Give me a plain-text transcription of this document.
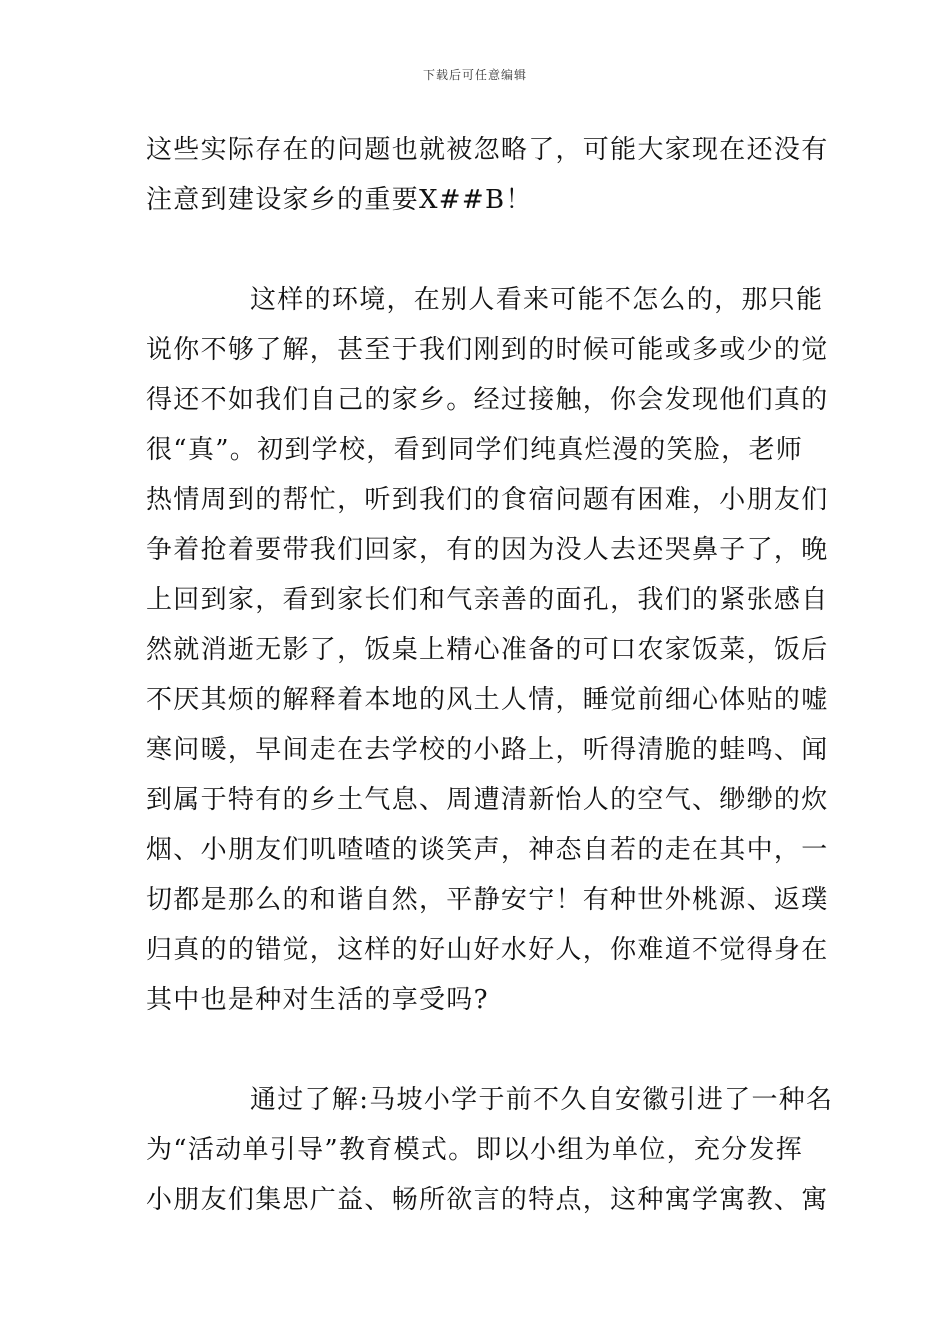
下载后可任意编辑
这些实际存在的问题也就被忽略了，可能大家现在还没有
注意到建设家乡的重要X##B！
这样的环境，在别人看来可能不怎么的，那只能
说你不够了解，甚至于我们刚到的时候可能或多或少的觉
得还不如我们自己的家乡。经过接触，你会发现他们真的
很“真”。初到学校，看到同学们纯真烂漫的笑脸，老师
热情周到的帮忙，听到我们的食宿问题有困难，小朋友们
争着抢着要带我们回家，有的因为没人去还哭鼻子了，晚
上回到家，看到家长们和气亲善的面孔，我们的紧张感自
然就消逝无影了，饭桌上精心准备的可口农家饭菜，饭后
不厌其烦的解释着本地的风土人情，睡觉前细心体贴的嘘
寒问暖，早间走在去学校的小路上，听得清脆的蛙鸣、闻
到属于特有的乡土气息、周遭清新怡人的空气、缈缈的炊
烟、小朋友们叽喳喳的谈笑声，神态自若的走在其中，一
切都是那么的和谐自然，平静安宁！有种世外桃源、返璞
归真的的错觉，这样的好山好水好人，你难道不觉得身在
其中也是种对生活的享受吗?
通过了解:马坡小学于前不久自安徽引进了一种名
为“活动单引导”教育模式。即以小组为单位，充分发挥
小朋友们集思广益、畅所欲言的特点，这种寓学寓教、寓
